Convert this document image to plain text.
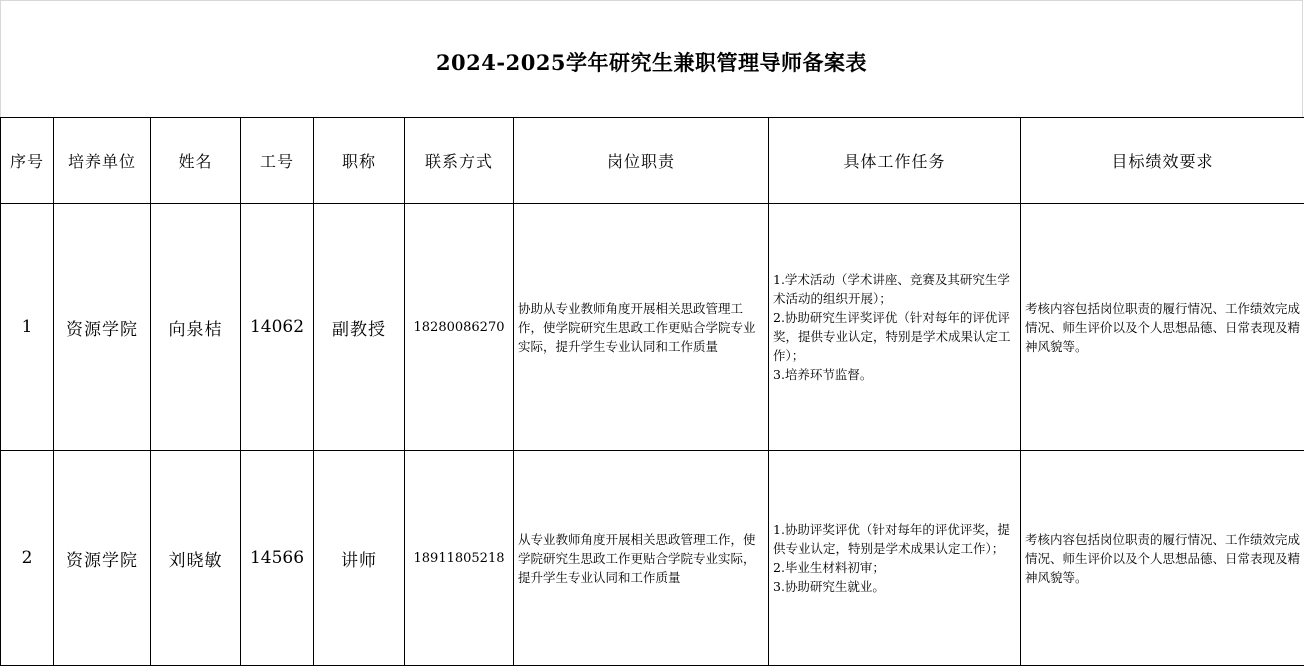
2024-2025学年研究生兼职管理导师备案表
序号	培养单位	姓名	工号	职称	联系方式	岗位职责	具体工作任务	目标绩效要求
1	资源学院	向泉桔	14062	副教授	18280086270	协助从专业教师角度开展相关思政管理工作，使学院研究生思政工作更贴合学院专业实际，提升学生专业认同和工作质量	1.学术活动（学术讲座、竞赛及其研究生学术活动的组织开展）；
2.协助研究生评奖评优（针对每年的评优评奖，提供专业认定，特别是学术成果认定工作）；
3.培养环节监督。	考核内容包括岗位职责的履行情况、工作绩效完成情况、师生评价以及个人思想品德、日常表现及精神风貌等。
2	资源学院	刘晓敏	14566	讲师	18911805218	从专业教师角度开展相关思政管理工作，使学院研究生思政工作更贴合学院专业实际，提升学生专业认同和工作质量	1.协助评奖评优（针对每年的评优评奖，提供专业认定，特别是学术成果认定工作）；
2.毕业生材料初审；
3.协助研究生就业。	考核内容包括岗位职责的履行情况、工作绩效完成情况、师生评价以及个人思想品德、日常表现及精神风貌等。
